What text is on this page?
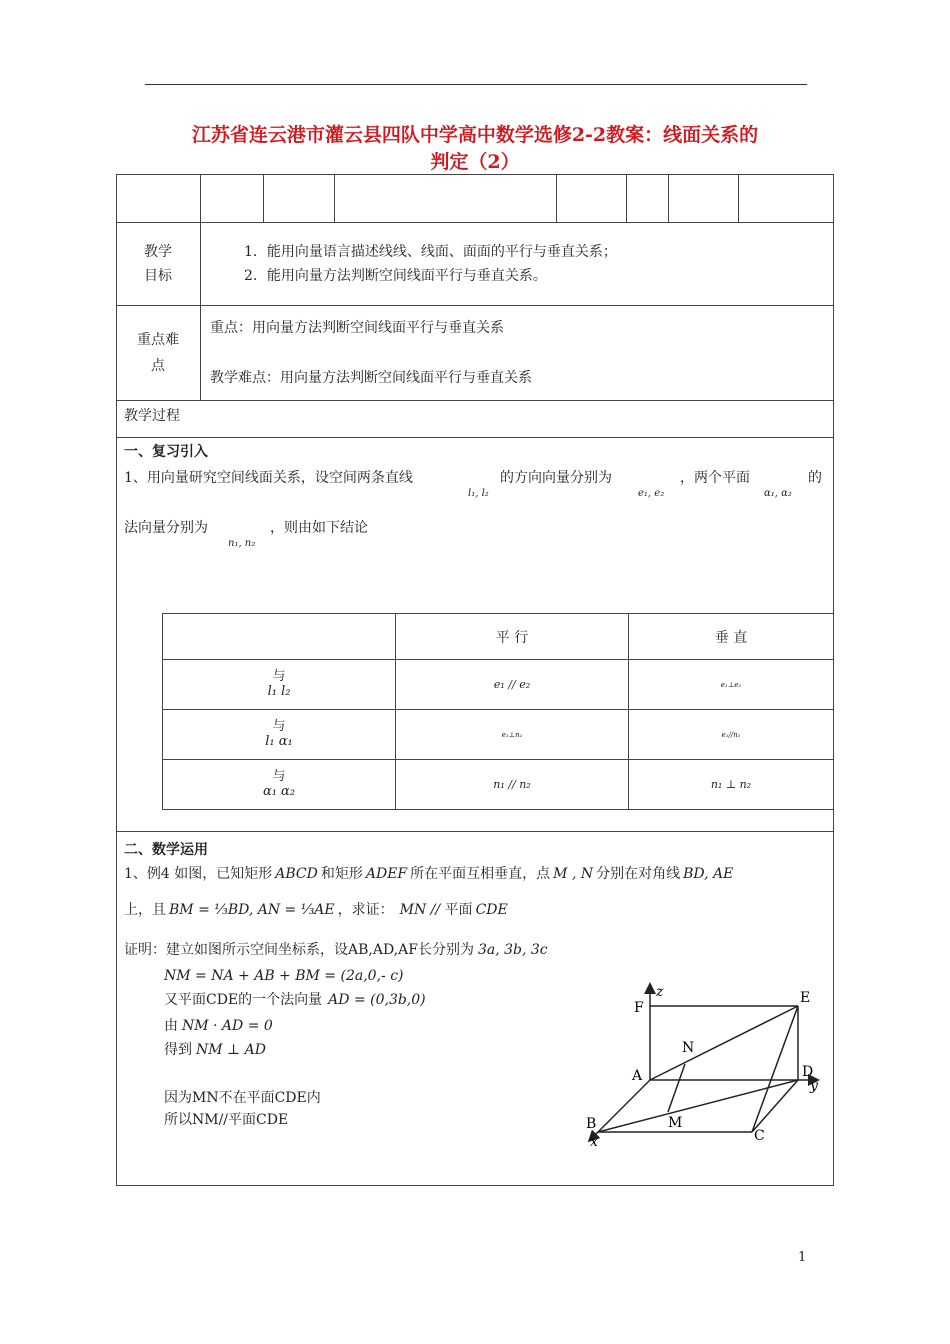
江苏省连云港市灌云县四队中学高中数学选修2-2教案：线面关系的
判定（2）
教学
目标
1．能用向量语言描述线线、线面、面面的平行与垂直关系；
2．能用向量方法判断空间线面平行与垂直关系。
重点难
点
重点：用向量方法判断空间线面平行与垂直关系
教学难点：用向量方法判断空间线面平行与垂直关系
教学过程
一、复习引入
1、用向量研究空间线面关系，设空间两条直线
l₁, l₂
的方向向量分别为
e₁, e₂
，两个平面
α₁, α₂
的
法向量分别为
n₁, n₂
，则由如下结论
	平 行	垂 直

与
l₁ l₂	e₁ // e₂	e₁⊥e₂

与
l₁ α₁	e₁⊥n₁	e₁//n₁

与
α₁ α₂	n₁ // n₂	n₁ ⊥ n₂
二、数学运用
1、例4 如图，已知矩形 ABCD 和矩形 ADEF 所在平面互相垂直，点 M , N 分别在对角线 BD, AE
上，且 BM = ⅓BD, AN = ⅓AE ，求证： MN // 平面 CDE
证明：建立如图所示空间坐标系，设AB,AD,AF长分别为 3a, 3b, 3c
NM = NA + AB + BM = (2a,0,- c)
又平面CDE的一个法向量 AD = (0,3b,0)
由 NM · AD = 0
得到 NM ⊥ AD
因为MN不在平面CDE内
所以NM//平面CDE
z
F
E
N
A	D
y
B	M
C
x
1
